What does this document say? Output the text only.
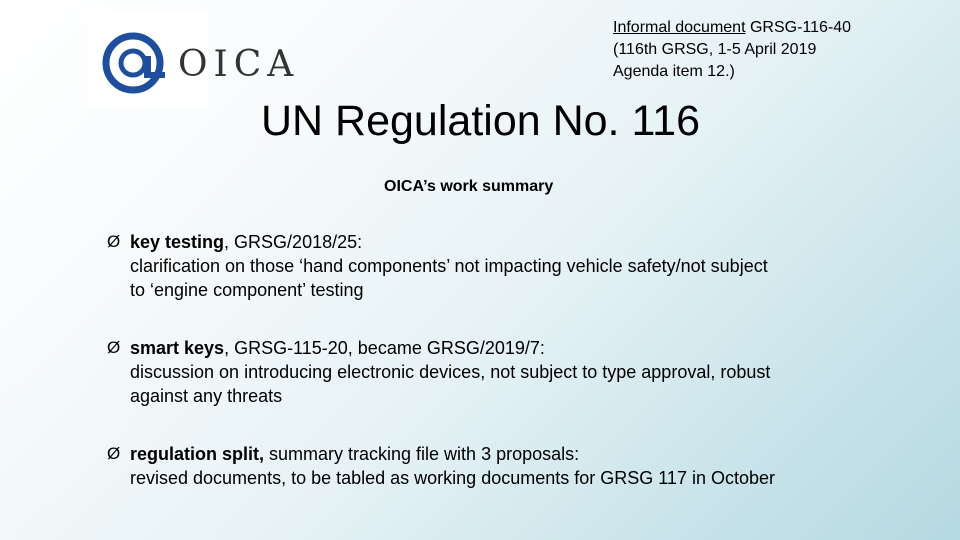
OICA
Informal document GRSG-116-40
(116th GRSG, 1-5 April 2019
Agenda item 12.)
UN Regulation No. 116
OICA’s work summary
Ø key testing, GRSG/2018/25:
clarification on those ‘hand components’ not impacting vehicle safety/not subject
to ‘engine component’ testing
Ø smart keys, GRSG-115-20, became GRSG/2019/7:
discussion on introducing electronic devices, not subject to type approval, robust
against any threats
Ø regulation split, summary tracking file with 3 proposals:
revised documents, to be tabled as working documents for GRSG 117 in October
